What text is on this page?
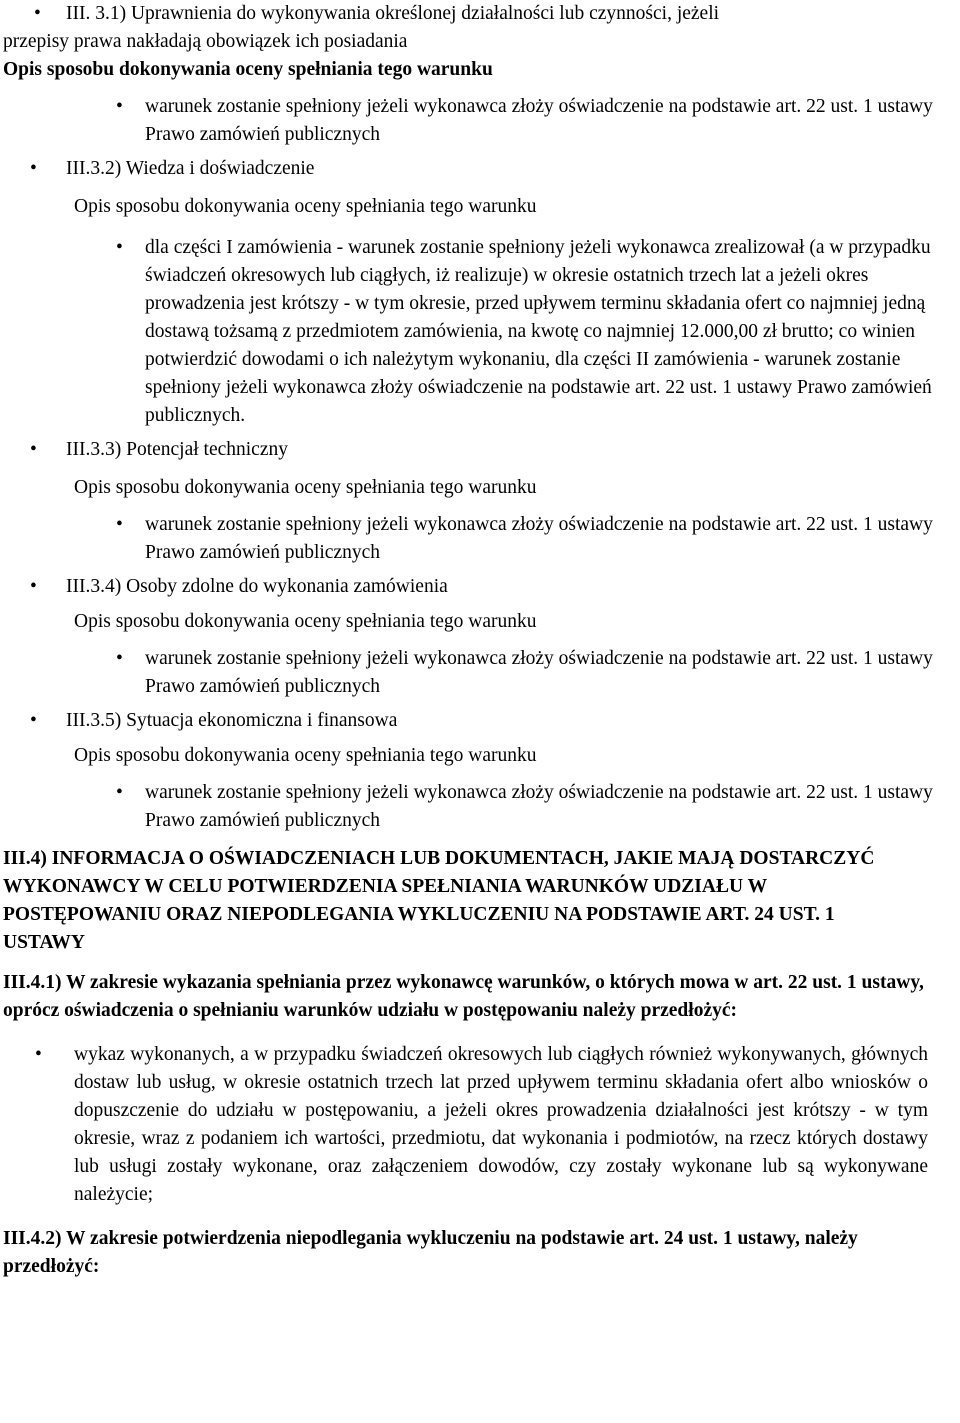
• III. 3.1) Uprawnienia do wykonywania określonej działalności lub czynności, jeżeli
przepisy prawa nakładają obowiązek ich posiadania
Opis sposobu dokonywania oceny spełniania tego warunku
• warunek zostanie spełniony jeżeli wykonawca złoży oświadczenie na podstawie art. 22 ust. 1 ustawy Prawo zamówień publicznych
• III.3.2) Wiedza i doświadczenie
Opis sposobu dokonywania oceny spełniania tego warunku
• dla części I zamówienia - warunek zostanie spełniony jeżeli wykonawca zrealizował (a w przypadku świadczeń okresowych lub ciągłych, iż realizuje) w okresie ostatnich trzech lat a jeżeli okres prowadzenia jest krótszy - w tym okresie, przed upływem terminu składania ofert co najmniej jedną dostawą tożsamą z przedmiotem zamówienia, na kwotę co najmniej 12.000,00 zł brutto; co winien potwierdzić dowodami o ich należytym wykonaniu, dla części II zamówienia - warunek zostanie spełniony jeżeli wykonawca złoży oświadczenie na podstawie art. 22 ust. 1 ustawy Prawo zamówień publicznych.
• III.3.3) Potencjał techniczny
Opis sposobu dokonywania oceny spełniania tego warunku
• warunek zostanie spełniony jeżeli wykonawca złoży oświadczenie na podstawie art. 22 ust. 1 ustawy Prawo zamówień publicznych
• III.3.4) Osoby zdolne do wykonania zamówienia
Opis sposobu dokonywania oceny spełniania tego warunku
• warunek zostanie spełniony jeżeli wykonawca złoży oświadczenie na podstawie art. 22 ust. 1 ustawy Prawo zamówień publicznych
• III.3.5) Sytuacja ekonomiczna i finansowa
Opis sposobu dokonywania oceny spełniania tego warunku
• warunek zostanie spełniony jeżeli wykonawca złoży oświadczenie na podstawie art. 22 ust. 1 ustawy Prawo zamówień publicznych
III.4) INFORMACJA O OŚWIADCZENIACH LUB DOKUMENTACH, JAKIE MAJĄ DOSTARCZYĆ WYKONAWCY W CELU POTWIERDZENIA SPEŁNIANIA WARUNKÓW UDZIAŁU W POSTĘPOWANIU ORAZ NIEPODLEGANIA WYKLUCZENIU NA PODSTAWIE ART. 24 UST. 1 USTAWY
III.4.1) W zakresie wykazania spełniania przez wykonawcę warunków, o których mowa w art. 22 ust. 1 ustawy, oprócz oświadczenia o spełnianiu warunków udziału w postępowaniu należy przedłożyć:
• wykaz wykonanych, a w przypadku świadczeń okresowych lub ciągłych również wykonywanych, głównych dostaw lub usług, w okresie ostatnich trzech lat przed upływem terminu składania ofert albo wniosków o dopuszczenie do udziału w postępowaniu, a jeżeli okres prowadzenia działalności jest krótszy - w tym okresie, wraz z podaniem ich wartości, przedmiotu, dat wykonania i podmiotów, na rzecz których dostawy lub usługi zostały wykonane, oraz załączeniem dowodów, czy zostały wykonane lub są wykonywane należycie;
III.4.2) W zakresie potwierdzenia niepodlegania wykluczeniu na podstawie art. 24 ust. 1 ustawy, należy przedłożyć:
